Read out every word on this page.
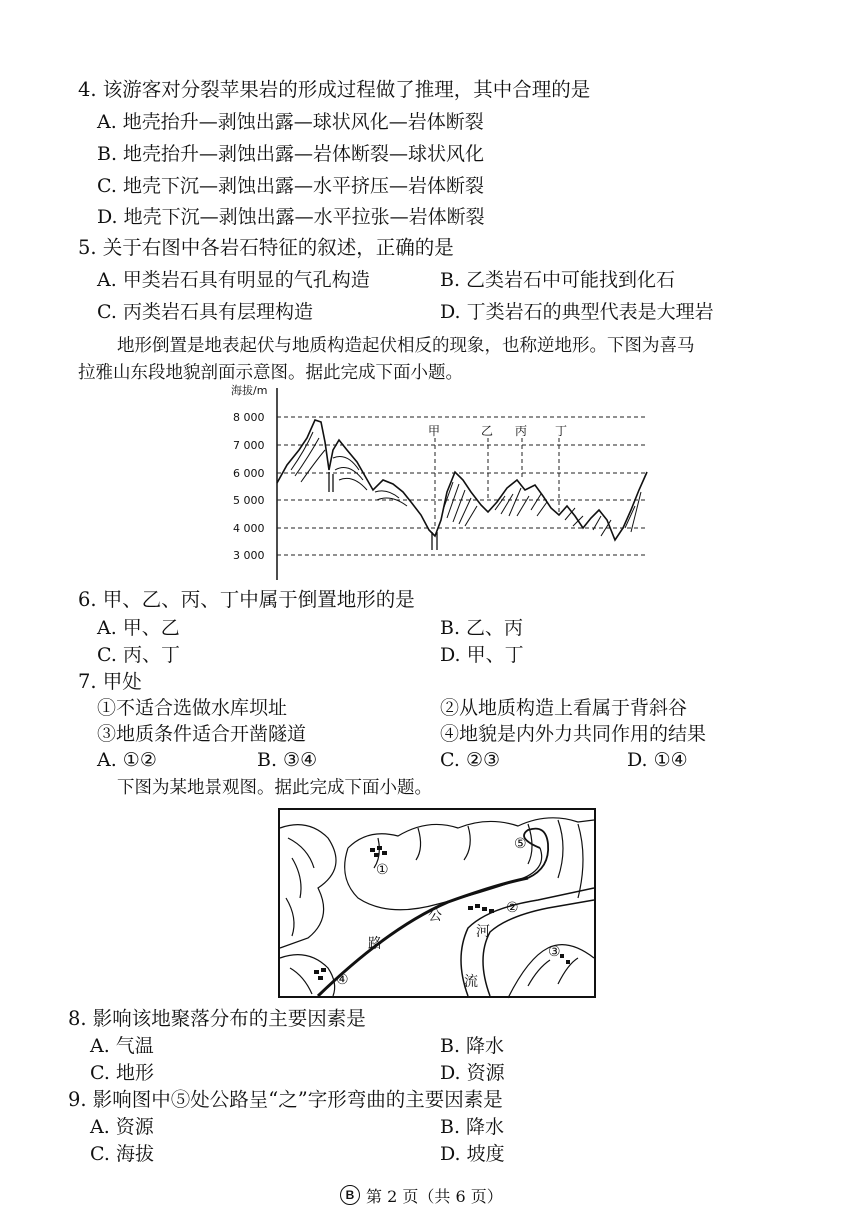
4. 该游客对分裂苹果岩的形成过程做了推理，其中合理的是
A. 地壳抬升—剥蚀出露—球状风化—岩体断裂
B. 地壳抬升—剥蚀出露—岩体断裂—球状风化
C. 地壳下沉—剥蚀出露—水平挤压—岩体断裂
D. 地壳下沉—剥蚀出露—水平拉张—岩体断裂
5. 关于右图中各岩石特征的叙述，正确的是
A. 甲类岩石具有明显的气孔构造	B. 乙类岩石中可能找到化石
C. 丙类岩石具有层理构造	D. 丁类岩石的典型代表是大理岩
地形倒置是地表起伏与地质构造起伏相反的现象，也称逆地形。下图为喜马
拉雅山东段地貌剖面示意图。据此完成下面小题。
海拔/m
8 000
7 000
6 000
5 000
4 000
3 000
甲	乙 丙 丁
6. 甲、乙、丙、丁中属于倒置地形的是
A. 甲、乙	B. 乙、丙
C. 丙、丁	D. 甲、丁
7. 甲处
①不适合选做水库坝址	②从地质构造上看属于背斜谷
③地质条件适合开凿隧道	④地貌是内外力共同作用的结果
A. ①②	B. ③④	C. ②③	D. ①④
下图为某地景观图。据此完成下面小题。
①
②
③
④
⑤
公
路
河
流
8. 影响该地聚落分布的主要因素是
A. 气温	B. 降水
C. 地形	D. 资源
9. 影响图中⑤处公路呈“之”字形弯曲的主要因素是
A. 资源	B. 降水
C. 海拔	D. 坡度
B 第 2 页（共 6 页）
